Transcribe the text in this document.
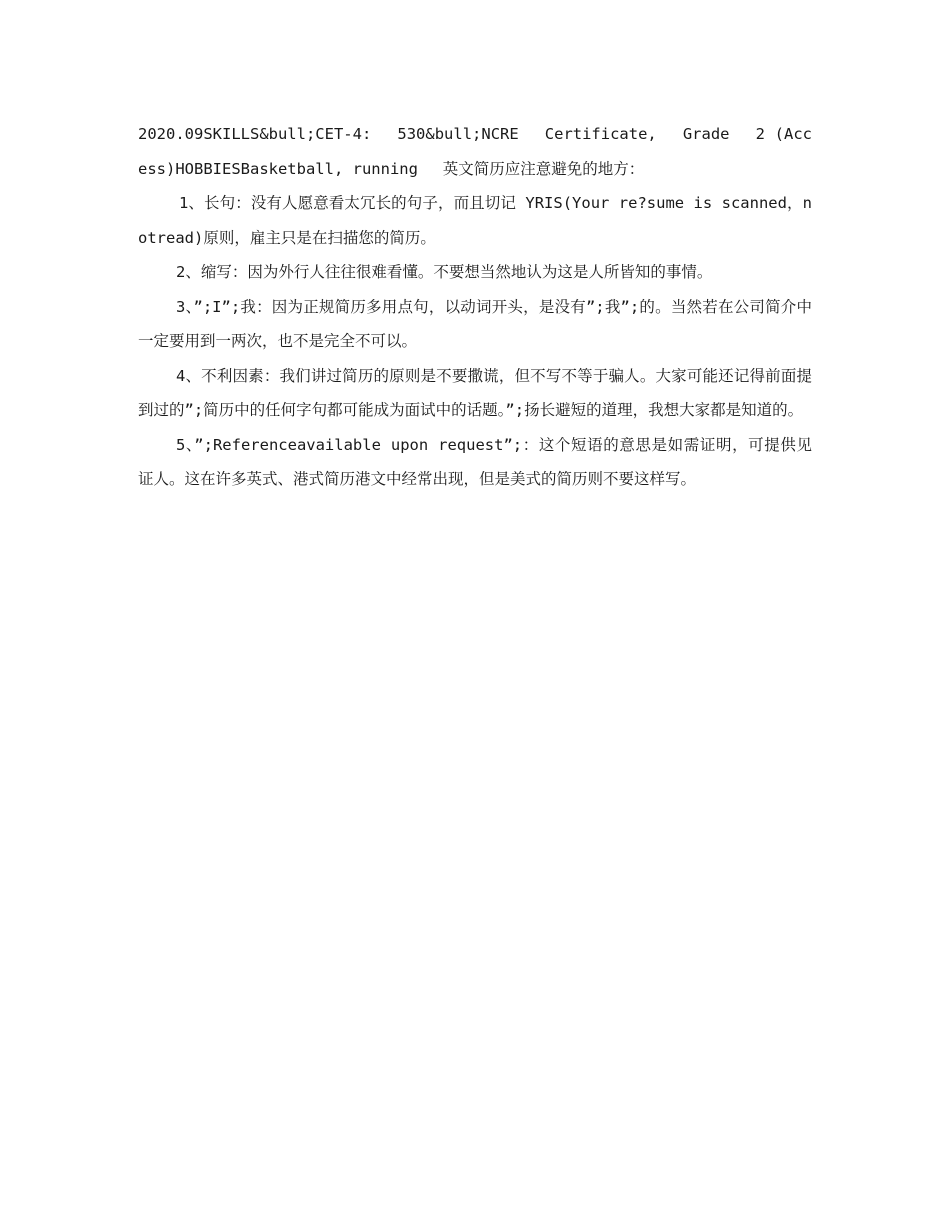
2020.09SKILLS&bull;CET-4:　 530&bull;NCRE　 Certificate,　 Grade　 2 (Access)HOBBIESBasketball, running　 英文简历应注意避免的地方：

1、长句：没有人愿意看太冗长的句子，而且切记 YRIS(Your re?sume is scanned，notread)原则，雇主只是在扫描您的简历。

2、缩写：因为外行人往往很难看懂。不要想当然地认为这是人所皆知的事情。

3、”;I”;我：因为正规简历多用点句，以动词开头，是没有”;我”;的。当然若在公司简介中一定要用到一两次，也不是完全不可以。

4、不利因素：我们讲过简历的原则是不要撒谎，但不写不等于骗人。大家可能还记得前面提到过的”;简历中的任何字句都可能成为面试中的话题。”;扬长避短的道理，我想大家都是知道的。

5、”;Referenceavailable upon request”;：这个短语的意思是如需证明，可提供见证人。这在许多英式、港式简历港文中经常出现，但是美式的简历则不要这样写。
